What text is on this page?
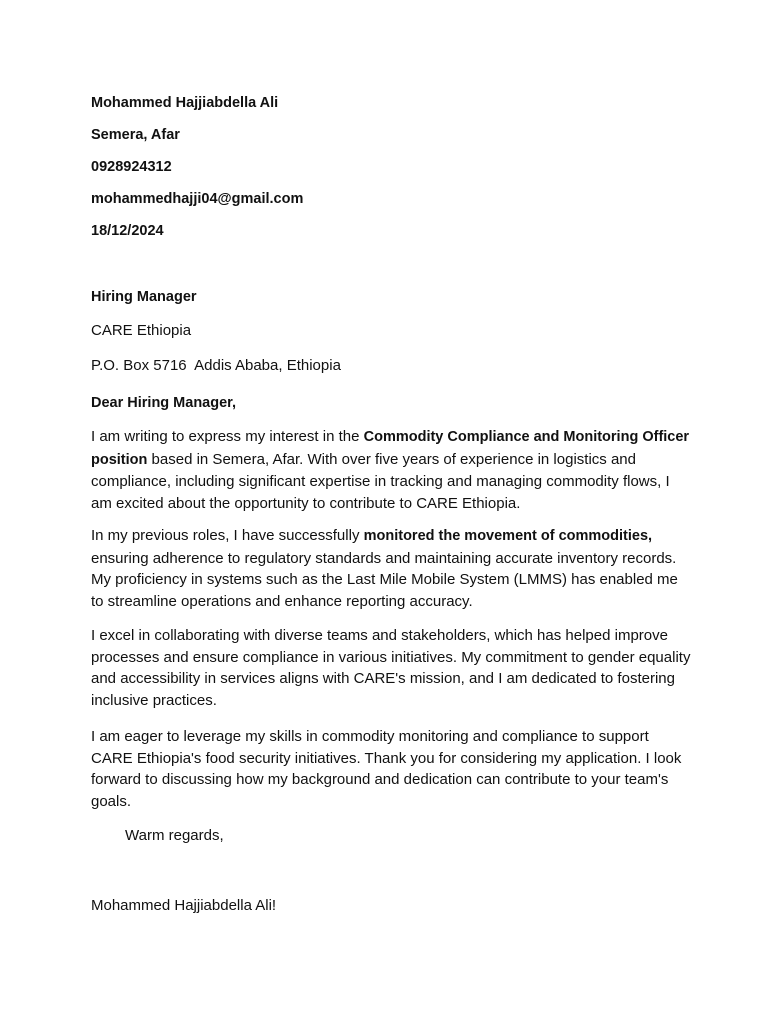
Mohammed Hajjiabdella Ali
Semera, Afar
0928924312
mohammedhajji04@gmail.com
18/12/2024
Hiring Manager
CARE Ethiopia
P.O. Box 5716  Addis Ababa, Ethiopia
Dear Hiring Manager,
I am writing to express my interest in the Commodity Compliance and Monitoring Officer position based in Semera, Afar. With over five years of experience in logistics and compliance, including significant expertise in tracking and managing commodity flows, I am excited about the opportunity to contribute to CARE Ethiopia.
In my previous roles, I have successfully monitored the movement of commodities, ensuring adherence to regulatory standards and maintaining accurate inventory records. My proficiency in systems such as the Last Mile Mobile System (LMMS) has enabled me to streamline operations and enhance reporting accuracy.
I excel in collaborating with diverse teams and stakeholders, which has helped improve processes and ensure compliance in various initiatives. My commitment to gender equality and accessibility in services aligns with CARE's mission, and I am dedicated to fostering inclusive practices.
I am eager to leverage my skills in commodity monitoring and compliance to support CARE Ethiopia's food security initiatives. Thank you for considering my application. I look forward to discussing how my background and dedication can contribute to your team's goals.
Warm regards,
Mohammed Hajjiabdella Ali!
